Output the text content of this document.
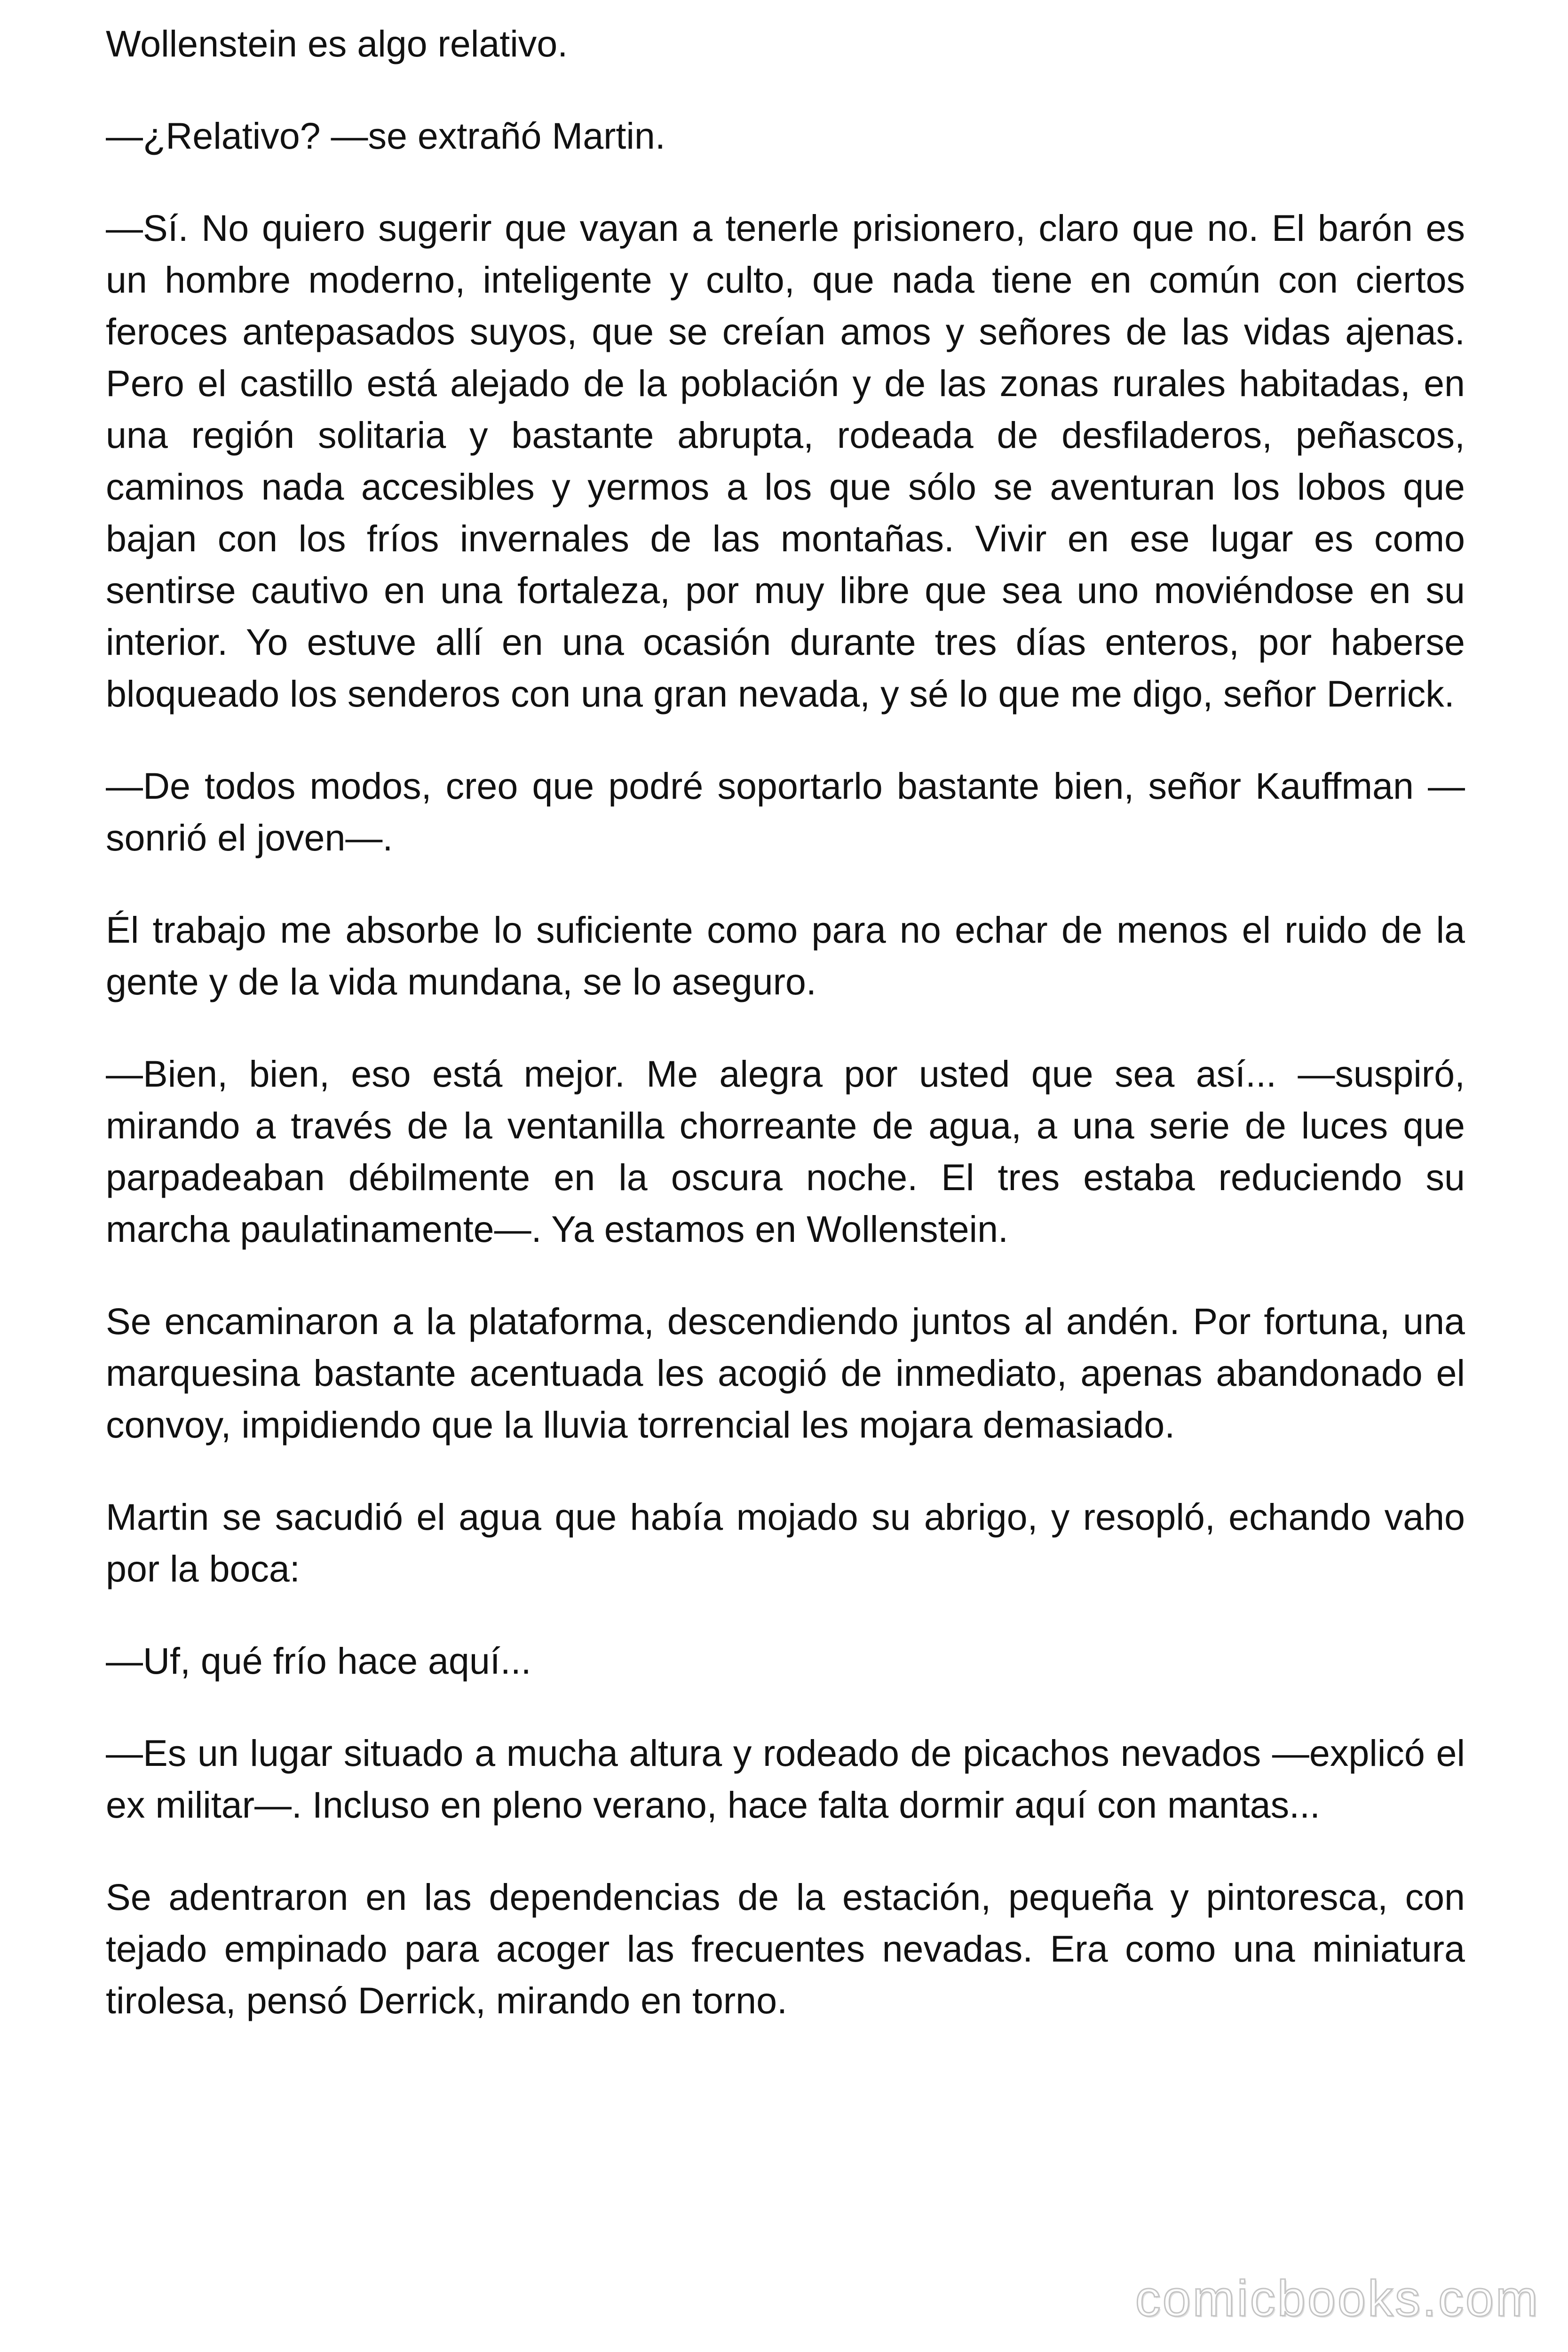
Wollenstein es algo relativo.

—¿Relativo? —se extrañó Martin.

—Sí. No quiero sugerir que vayan a tenerle prisionero, claro que no. El barón es un hombre moderno, inteligente y culto, que nada tiene en común con ciertos feroces antepasados suyos, que se creían amos y señores de las vidas ajenas. Pero el castillo está alejado de la población y de las zonas rurales habitadas, en una región solitaria y bastante abrupta, rodeada de desfiladeros, peñascos, caminos nada accesibles y yermos a los que sólo se aventuran los lobos que bajan con los fríos invernales de las montañas. Vivir en ese lugar es como sentirse cautivo en una fortaleza, por muy libre que sea uno moviéndose en su interior. Yo estuve allí en una ocasión durante tres días enteros, por haberse bloqueado los senderos con una gran nevada, y sé lo que me digo, señor Derrick.

—De todos modos, creo que podré soportarlo bastante bien, señor Kauffman —sonrió el joven—.

Él trabajo me absorbe lo suficiente como para no echar de menos el ruido de la gente y de la vida mundana, se lo aseguro.

—Bien, bien, eso está mejor. Me alegra por usted que sea así... —suspiró, mirando a través de la ventanilla chorreante de agua, a una serie de luces que parpadeaban débilmente en la oscura noche. El tres estaba reduciendo su marcha paulatinamente—. Ya estamos en Wollenstein.

Se encaminaron a la plataforma, descendiendo juntos al andén. Por fortuna, una marquesina bastante acentuada les acogió de inmediato, apenas abandonado el convoy, impidiendo que la lluvia torrencial les mojara demasiado.

Martin se sacudió el agua que había mojado su abrigo, y resopló, echando vaho por la boca:

—Uf, qué frío hace aquí...

—Es un lugar situado a mucha altura y rodeado de picachos nevados —explicó el ex militar—. Incluso en pleno verano, hace falta dormir aquí con mantas...

Se adentraron en las dependencias de la estación, pequeña y pintoresca, con tejado empinado para acoger las frecuentes nevadas. Era como una miniatura tirolesa, pensó Derrick, mirando en torno.

comicbooks.com
